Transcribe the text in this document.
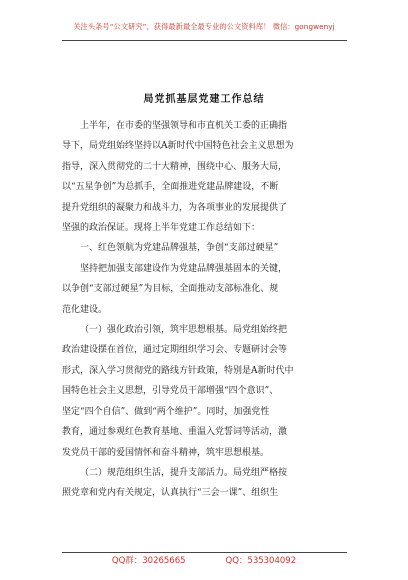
关注头条号“公文研究”，获得最新最全最专业的公文资料库！ 微信：gongwenyj
局党抓基层党建工作总结
上半年，在市委的坚强领导和市直机关工委的正确指
导下，局党组始终坚持以A新时代中国特色社会主义思想为
指导，深入贯彻党的二十大精神，围绕中心、服务大局，
以“五星争创”为总抓手，全面推进党建品牌建设，不断
提升党组织的凝聚力和战斗力，为各项事业的发展提供了
坚强的政治保证。现将上半年党建工作总结如下：
一、红色领航为党建品牌强基，争创“支部过硬星”
坚持把加强支部建设作为党建品牌强基固本的关键，
以争创“支部过硬星”为目标，全面推动支部标准化、规
范化建设。
（一）强化政治引领，筑牢思想根基。局党组始终把
政治建设摆在首位，通过定期组织学习会、专题研讨会等
形式，深入学习贯彻党的路线方针政策，特别是A新时代中
国特色社会主义思想，引导党员干部增强“四个意识”、
坚定“四个自信”、做到“两个维护”。同时，加强党性
教育，通过参观红色教育基地、重温入党誓词等活动，激
发党员干部的爱国情怀和奋斗精神，筑牢思想根基。
（二）规范组织生活，提升支部活力。局党组严格按
照党章和党内有关规定，认真执行“三会一课”、组织生
QQ群：30265665	QQ：535304092
